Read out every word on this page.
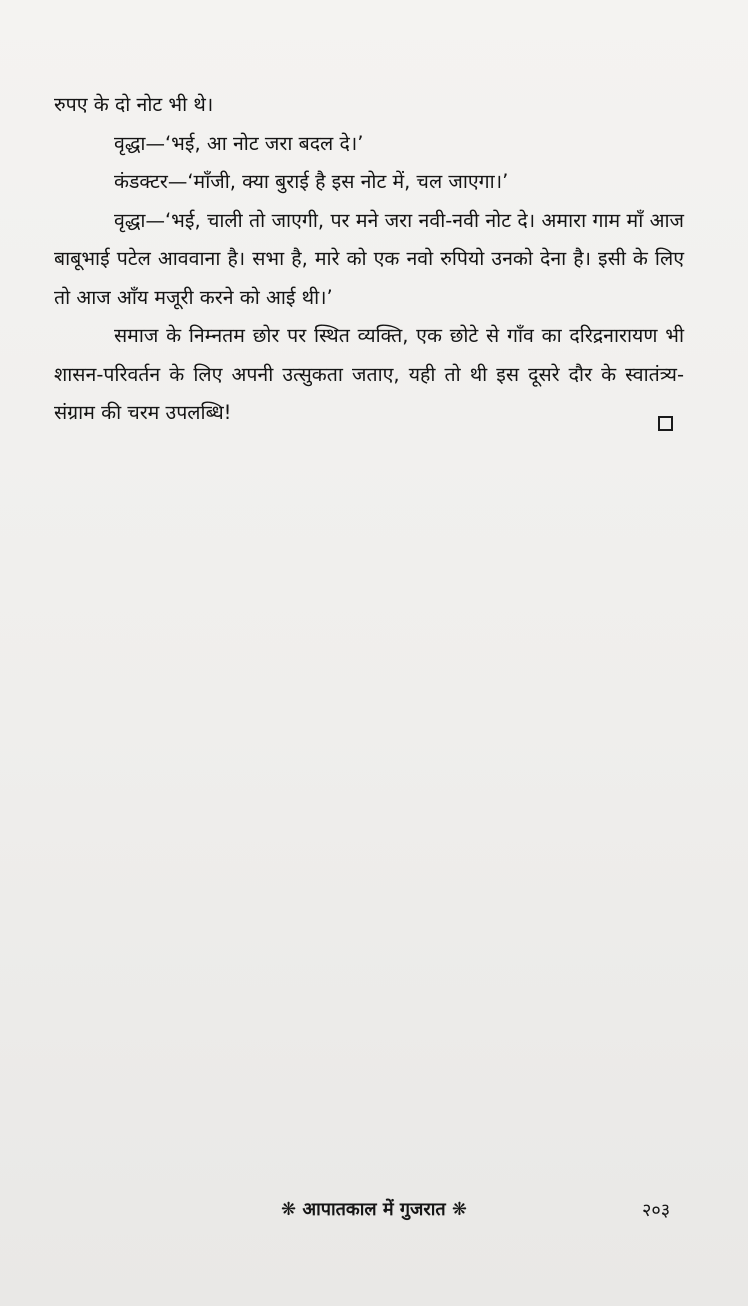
रुपए के दो नोट भी थे।

वृद्धा—‘भई, आ नोट जरा बदल दे।’

कंडक्टर—‘माँजी, क्या बुराई है इस नोट में, चल जाएगा।’

वृद्धा—‘भई, चाली तो जाएगी, पर मने जरा नवी-नवी नोट दे। अमारा गाम माँ आज बाबूभाई पटेल आववाना है। सभा है, मारे को एक नवो रुपियो उनको देना है। इसी के लिए तो आज आँय मजूरी करने को आई थी।’

समाज के निम्नतम छोर पर स्थित व्यक्ति, एक छोटे से गाँव का दरिद्रनारायण भी शासन-परिवर्तन के लिए अपनी उत्सुकता जताए, यही तो थी इस दूसरे दौर के स्वातंत्र्य-संग्राम की चरम उपलब्धि!

❋ आपातकाल में गुजरात ❋	२०३
